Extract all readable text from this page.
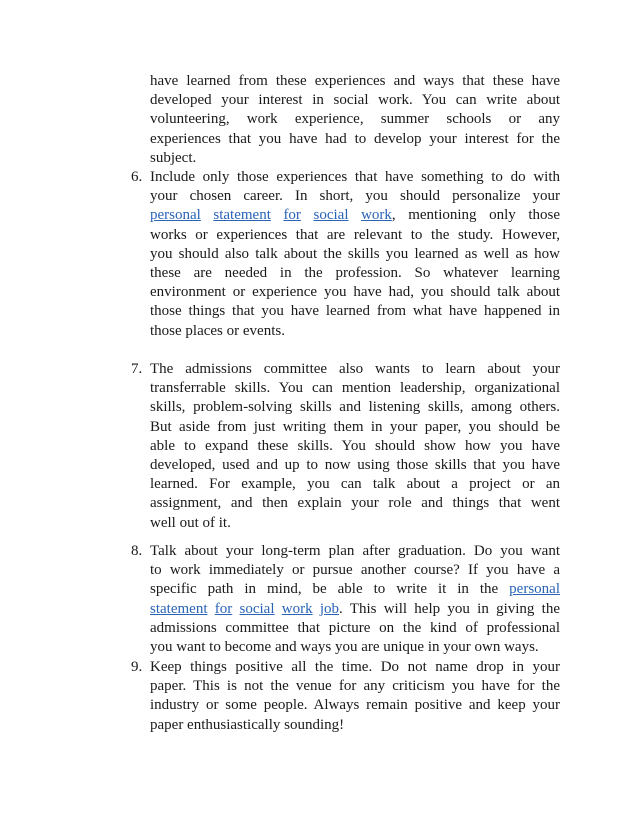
have learned from these experiences and ways that these have
developed your interest in social work. You can write about
volunteering, work experience, summer schools or any
experiences that you have had to develop your interest for the
subject.
6. Include only those experiences that have something to do with
your chosen career. In short, you should personalize your
personal statement for social work, mentioning only those
works or experiences that are relevant to the study. However,
you should also talk about the skills you learned as well as how
these are needed in the profession. So whatever learning
environment or experience you have had, you should talk about
those things that you have learned from what have happened in
those places or events.
7. The admissions committee also wants to learn about your
transferrable skills. You can mention leadership, organizational
skills, problem-solving skills and listening skills, among others.
But aside from just writing them in your paper, you should be
able to expand these skills. You should show how you have
developed, used and up to now using those skills that you have
learned. For example, you can talk about a project or an
assignment, and then explain your role and things that went
well out of it.
8. Talk about your long-term plan after graduation. Do you want
to work immediately or pursue another course? If you have a
specific path in mind, be able to write it in the personal
statement for social work job. This will help you in giving the
admissions committee that picture on the kind of professional
you want to become and ways you are unique in your own ways.
9. Keep things positive all the time. Do not name drop in your
paper. This is not the venue for any criticism you have for the
industry or some people. Always remain positive and keep your
paper enthusiastically sounding!
